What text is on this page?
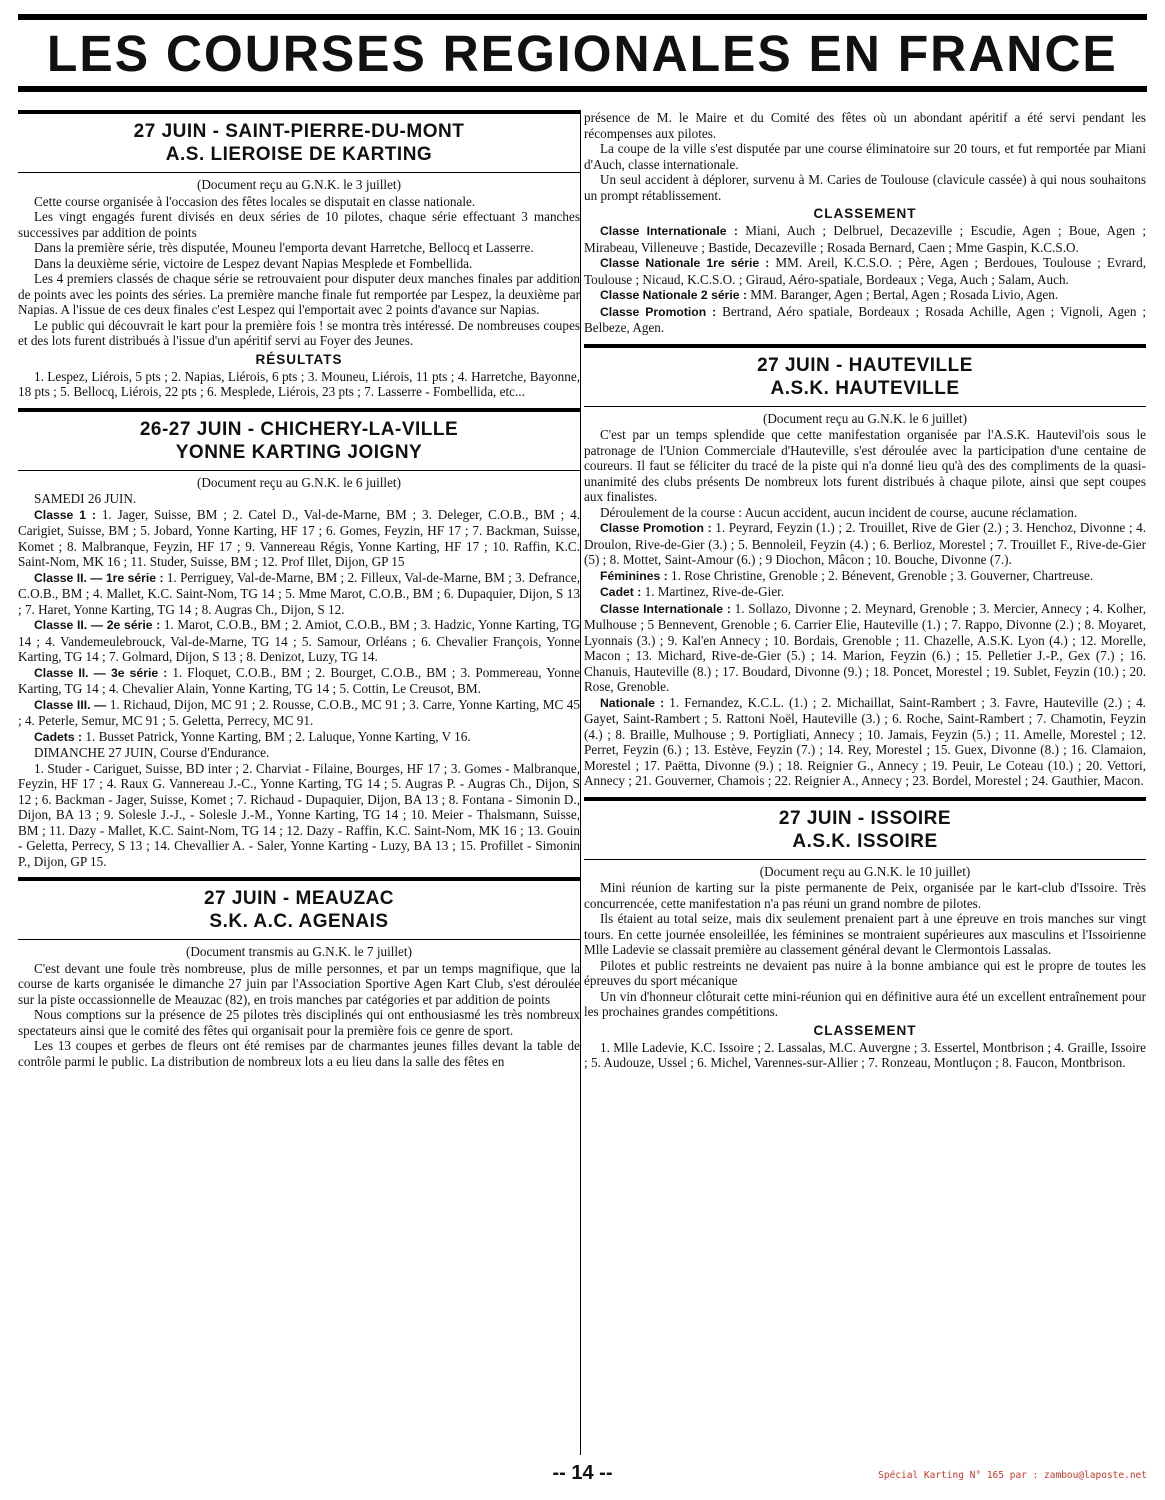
LES COURSES REGIONALES EN FRANCE
27 JUIN - SAINT-PIERRE-DU-MONT
A.S. LIEROISE DE KARTING

(Document reçu au G.N.K. le 3 juillet)

Cette course organisée à l'occasion des fêtes locales se disputait en classe nationale.

Les vingt engagés furent divisés en deux séries de 10 pilotes, chaque série effectuant 3 manches successives par addition de points

Dans la première série, très disputée, Mouneu l'emporta devant Harretche, Bellocq et Lasserre.

Dans la deuxième série, victoire de Lespez devant Napias Mesplede et Fombellida.

Les 4 premiers classés de chaque série se retrouvaient pour disputer deux manches finales par addition de points avec les points des séries. La première manche finale fut remportée par Lespez, la deuxième par Napias. A l'issue de ces deux finales c'est Lespez qui l'emportait avec 2 points d'avance sur Napias.

Le public qui découvrait le kart pour la première fois ! se montra très intéressé. De nombreuses coupes et des lots furent distribués à l'issue d'un apéritif servi au Foyer des Jeunes.

RÉSULTATS

1. Lespez, Liérois, 5 pts ; 2. Napias, Liérois, 6 pts ; 3. Mouneu, Liérois, 11 pts ; 4. Harretche, Bayonne, 18 pts ; 5. Bellocq, Liérois, 22 pts ; 6. Mesplede, Liérois, 23 pts ; 7. Lasserre - Fombellida, etc...

26-27 JUIN - CHICHERY-LA-VILLE
YONNE KARTING JOIGNY

(Document reçu au G.N.K. le 6 juillet)

SAMEDI 26 JUIN.

Classe 1 : 1. Jager, Suisse, BM ; 2. Catel D., Val-de-Marne, BM ; 3. Deleger, C.O.B., BM ; 4. Carigiet, Suisse, BM ; 5. Jobard, Yonne Karting, HF 17 ; 6. Gomes, Feyzin, HF 17 ; 7. Backman, Suisse, Komet ; 8. Malbranque, Feyzin, HF 17 ; 9. Vannereau Régis, Yonne Karting, HF 17 ; 10. Raffin, K.C. Saint-Nom, MK 16 ; 11. Studer, Suisse, BM ; 12. Prof Illet, Dijon, GP 15

Classe II. — 1re série : 1. Perriguey, Val-de-Marne, BM ; 2. Filleux, Val-de-Marne, BM ; 3. Defrance, C.O.B., BM ; 4. Mallet, K.C. Saint-Nom, TG 14 ; 5. Mme Marot, C.O.B., BM ; 6. Dupaquier, Dijon, S 13 ; 7. Haret, Yonne Karting, TG 14 ; 8. Augras Ch., Dijon, S 12.

Classe II. — 2e série : 1. Marot, C.O.B., BM ; 2. Amiot, C.O.B., BM ; 3. Hadzic, Yonne Karting, TG 14 ; 4. Vandemeulebrouck, Val-de-Marne, TG 14 ; 5. Samour, Orléans ; 6. Chevalier François, Yonne Karting, TG 14 ; 7. Golmard, Dijon, S 13 ; 8. Denizot, Luzy, TG 14.

Classe II. — 3e série : 1. Floquet, C.O.B., BM ; 2. Bourget, C.O.B., BM ; 3. Pommereau, Yonne Karting, TG 14 ; 4. Chevalier Alain, Yonne Karting, TG 14 ; 5. Cottin, Le Creusot, BM.

Classe III. — 1. Richaud, Dijon, MC 91 ; 2. Rousse, C.O.B., MC 91 ; 3. Carre, Yonne Karting, MC 45 ; 4. Peterle, Semur, MC 91 ; 5. Geletta, Perrecy, MC 91.

Cadets : 1. Busset Patrick, Yonne Karting, BM ; 2. Laluque, Yonne Karting, V 16.

DIMANCHE 27 JUIN, Course d'Endurance.

1. Studer - Cariguet, Suisse, BD inter ; 2. Charviat - Filaine, Bourges, HF 17 ; 3. Gomes - Malbranque, Feyzin, HF 17 ; 4. Raux G. Vannereau J.-C., Yonne Karting, TG 14 ; 5. Augras P. - Augras Ch., Dijon, S 12 ; 6. Backman - Jager, Suisse, Komet ; 7. Richaud - Dupaquier, Dijon, BA 13 ; 8. Fontana - Simonin D., Dijon, BA 13 ; 9. Solesle J.-J., - Solesle J.-M., Yonne Karting, TG 14 ; 10. Meier - Thalsmann, Suisse, BM ; 11. Dazy - Mallet, K.C. Saint-Nom, TG 14 ; 12. Dazy - Raffin, K.C. Saint-Nom, MK 16 ; 13. Gouin - Geletta, Perrecy, S 13 ; 14. Chevallier A. - Saler, Yonne Karting - Luzy, BA 13 ; 15. Profillet - Simonin P., Dijon, GP 15.

27 JUIN - MEAUZAC
S.K. A.C. AGENAIS

(Document transmis au G.N.K. le 7 juillet)

C'est devant une foule très nombreuse, plus de mille personnes, et par un temps magnifique, que la course de karts organisée le dimanche 27 juin par l'Association Sportive Agen Kart Club, s'est déroulée sur la piste occassionnelle de Meauzac (82), en trois manches par catégories et par addition de points

Nous comptions sur la présence de 25 pilotes très disciplinés qui ont enthousiasmé les très nombreux spectateurs ainsi que le comité des fêtes qui organisait pour la première fois ce genre de sport.

Les 13 coupes et gerbes de fleurs ont été remises par de charmantes jeunes filles devant la table de contrôle parmi le public. La distribution de nombreux lots a eu lieu dans la salle des fêtes en

présence de M. le Maire et du Comité des fêtes où un abondant apéritif a été servi pendant les récompenses aux pilotes.

La coupe de la ville s'est disputée par une course éliminatoire sur 20 tours, et fut remportée par Miani d'Auch, classe internationale.

Un seul accident à déplorer, survenu à M. Caries de Toulouse (clavicule cassée) à qui nous souhaitons un prompt rétablissement.

CLASSEMENT

Classe Internationale : Miani, Auch ; Delbruel, Decazeville ; Escudie, Agen ; Boue, Agen ; Mirabeau, Villeneuve ; Bastide, Decazeville ; Rosada Bernard, Caen ; Mme Gaspin, K.C.S.O.

Classe Nationale 1re série : MM. Areil, K.C.S.O. ; Père, Agen ; Berdoues, Toulouse ; Evrard, Toulouse ; Nicaud, K.C.S.O. ; Giraud, Aéro-spatiale, Bordeaux ; Vega, Auch ; Salam, Auch.

Classe Nationale 2 série : MM. Baranger, Agen ; Bertal, Agen ; Rosada Livio, Agen.

Classe Promotion : Bertrand, Aéro spatiale, Bordeaux ; Rosada Achille, Agen ; Vignoli, Agen ; Belbeze, Agen.

27 JUIN - HAUTEVILLE
A.S.K. HAUTEVILLE

(Document reçu au G.N.K. le 6 juillet)

C'est par un temps splendide que cette manifestation organisée par l'A.S.K. Hautevil'ois sous le patronage de l'Union Commerciale d'Hauteville, s'est déroulée avec la participation d'une centaine de coureurs. Il faut se féliciter du tracé de la piste qui n'a donné lieu qu'à des des compliments de la quasi-unanimité des clubs présents De nombreux lots furent distribués à chaque pilote, ainsi que sept coupes aux finalistes.

Déroulement de la course : Aucun accident, aucun incident de course, aucune réclamation.

Classe Promotion : 1. Peyrard, Feyzin (1.) ; 2. Trouillet, Rive de Gier (2.) ; 3. Henchoz, Divonne ; 4. Droulon, Rive-de-Gier (3.) ; 5. Bennoleil, Feyzin (4.) ; 6. Berlioz, Morestel ; 7. Trouillet F., Rive-de-Gier (5) ; 8. Mottet, Saint-Amour (6.) ; 9 Diochon, Mâcon ; 10. Bouche, Divonne (7.).

Féminines : 1. Rose Christine, Grenoble ; 2. Bénevent, Grenoble ; 3. Gouverner, Chartreuse.

Cadet : 1. Martinez, Rive-de-Gier.

Classe Internationale : 1. Sollazo, Divonne ; 2. Meynard, Grenoble ; 3. Mercier, Annecy ; 4. Kolher, Mulhouse ; 5 Bennevent, Grenoble ; 6. Carrier Elie, Hauteville (1.) ; 7. Rappo, Divonne (2.) ; 8. Moyaret, Lyonnais (3.) ; 9. Kal'en Annecy ; 10. Bordais, Grenoble ; 11. Chazelle, A.S.K. Lyon (4.) ; 12. Morelle, Macon ; 13. Michard, Rive-de-Gier (5.) ; 14. Marion, Feyzin (6.) ; 15. Pelletier J.-P., Gex (7.) ; 16. Chanuis, Hauteville (8.) ; 17. Boudard, Divonne (9.) ; 18. Poncet, Morestel ; 19. Sublet, Feyzin (10.) ; 20. Rose, Grenoble.

Nationale : 1. Fernandez, K.C.L. (1.) ; 2. Michaillat, Saint-Rambert ; 3. Favre, Hauteville (2.) ; 4. Gayet, Saint-Rambert ; 5. Rattoni Noël, Hauteville (3.) ; 6. Roche, Saint-Rambert ; 7. Chamotin, Feyzin (4.) ; 8. Braille, Mulhouse ; 9. Portigliati, Annecy ; 10. Jamais, Feyzin (5.) ; 11. Amelle, Morestel ; 12. Perret, Feyzin (6.) ; 13. Estève, Feyzin (7.) ; 14. Rey, Morestel ; 15. Guex, Divonne (8.) ; 16. Clamaion, Morestel ; 17. Paëtta, Divonne (9.) ; 18. Reignier G., Annecy ; 19. Peuir, Le Coteau (10.) ; 20. Vettori, Annecy ; 21. Gouverner, Chamois ; 22. Reignier A., Annecy ; 23. Bordel, Morestel ; 24. Gauthier, Macon.

27 JUIN - ISSOIRE
A.S.K. ISSOIRE

(Document reçu au G.N.K. le 10 juillet)

Mini réunion de karting sur la piste permanente de Peix, organisée par le kart-club d'Issoire. Très concurrencée, cette manifestation n'a pas réuni un grand nombre de pilotes.

Ils étaient au total seize, mais dix seulement prenaient part à une épreuve en trois manches sur vingt tours. En cette journée ensoleillée, les féminines se montraient supérieures aux masculins et l'Issoirienne Mlle Ladevie se classait première au classement général devant le Clermontois Lassalas.

Pilotes et public restreints ne devaient pas nuire à la bonne ambiance qui est le propre de toutes les épreuves du sport mécanique

Un vin d'honneur clôturait cette mini-réunion qui en définitive aura été un excellent entraînement pour les prochaines grandes compétitions.

CLASSEMENT

1. Mlle Ladevie, K.C. Issoire ; 2. Lassalas, M.C. Auvergne ; 3. Essertel, Montbrison ; 4. Graille, Issoire ; 5. Audouze, Ussel ; 6. Michel, Varennes-sur-Allier ; 7. Ronzeau, Montluçon ; 8. Faucon, Montbrison.

-- 14 --	Spécial Karting N° 165 par : zambou@laposte.net
